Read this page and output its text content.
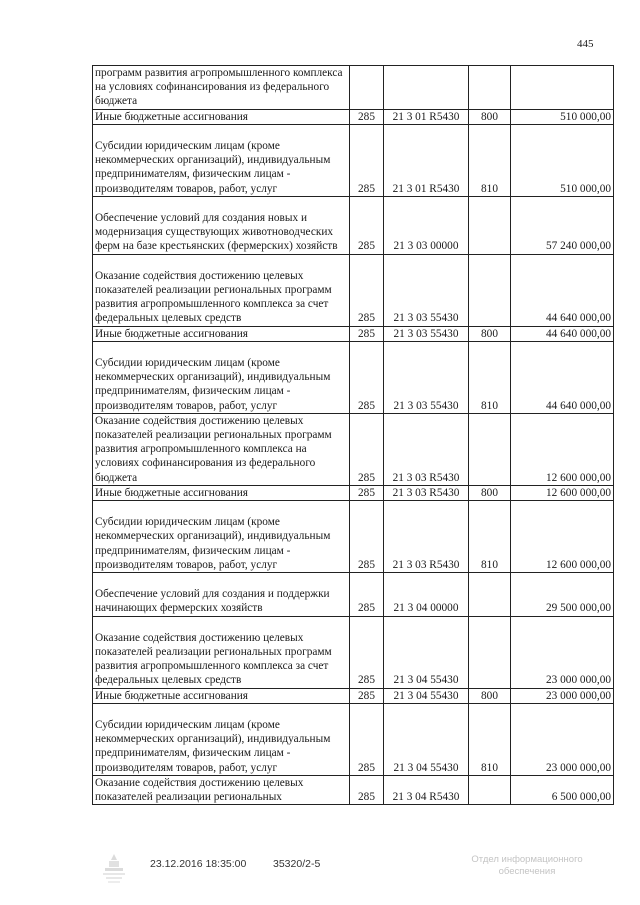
445
программ развития агропромышленного комплекса на условиях софинансирования из федерального бюджета				
Иные бюджетные ассигнования	285	21 3 01 R5430	800	510 000,00
Субсидии юридическим лицам (кроме некоммерческих организаций), индивидуальным предпринимателям, физическим лицам - производителям товаров, работ, услуг	285	21 3 01 R5430	810	510 000,00
Обеспечение условий для создания новых и модернизация существующих животноводческих ферм на базе крестьянских (фермерских) хозяйств	285	21 3 03 00000		57 240 000,00
Оказание содействия достижению целевых показателей реализации региональных программ развития агропромышленного комплекса за счет федеральных целевых средств	285	21 3 03 55430		44 640 000,00
Иные бюджетные ассигнования	285	21 3 03 55430	800	44 640 000,00
Субсидии юридическим лицам (кроме некоммерческих организаций), индивидуальным предпринимателям, физическим лицам - производителям товаров, работ, услуг	285	21 3 03 55430	810	44 640 000,00
Оказание содействия достижению целевых показателей реализации региональных программ развития агропромышленного комплекса на условиях софинансирования из федерального бюджета	285	21 3 03 R5430		12 600 000,00
Иные бюджетные ассигнования	285	21 3 03 R5430	800	12 600 000,00
Субсидии юридическим лицам (кроме некоммерческих организаций), индивидуальным предпринимателям, физическим лицам - производителям товаров, работ, услуг	285	21 3 03 R5430	810	12 600 000,00
Обеспечение условий для создания и поддержки начинающих фермерских хозяйств	285	21 3 04 00000		29 500 000,00
Оказание содействия достижению целевых показателей реализации региональных программ развития агропромышленного комплекса за счет федеральных целевых средств	285	21 3 04 55430		23 000 000,00
Иные бюджетные ассигнования	285	21 3 04 55430	800	23 000 000,00
Субсидии юридическим лицам (кроме некоммерческих организаций), индивидуальным предпринимателям, физическим лицам - производителям товаров, работ, услуг	285	21 3 04 55430	810	23 000 000,00
Оказание содействия достижению целевых показателей реализации региональных	285	21 3 04 R5430		6 500 000,00
23.12.2016 18:35:00	35320/2-5	Отдел информационного обеспечения
